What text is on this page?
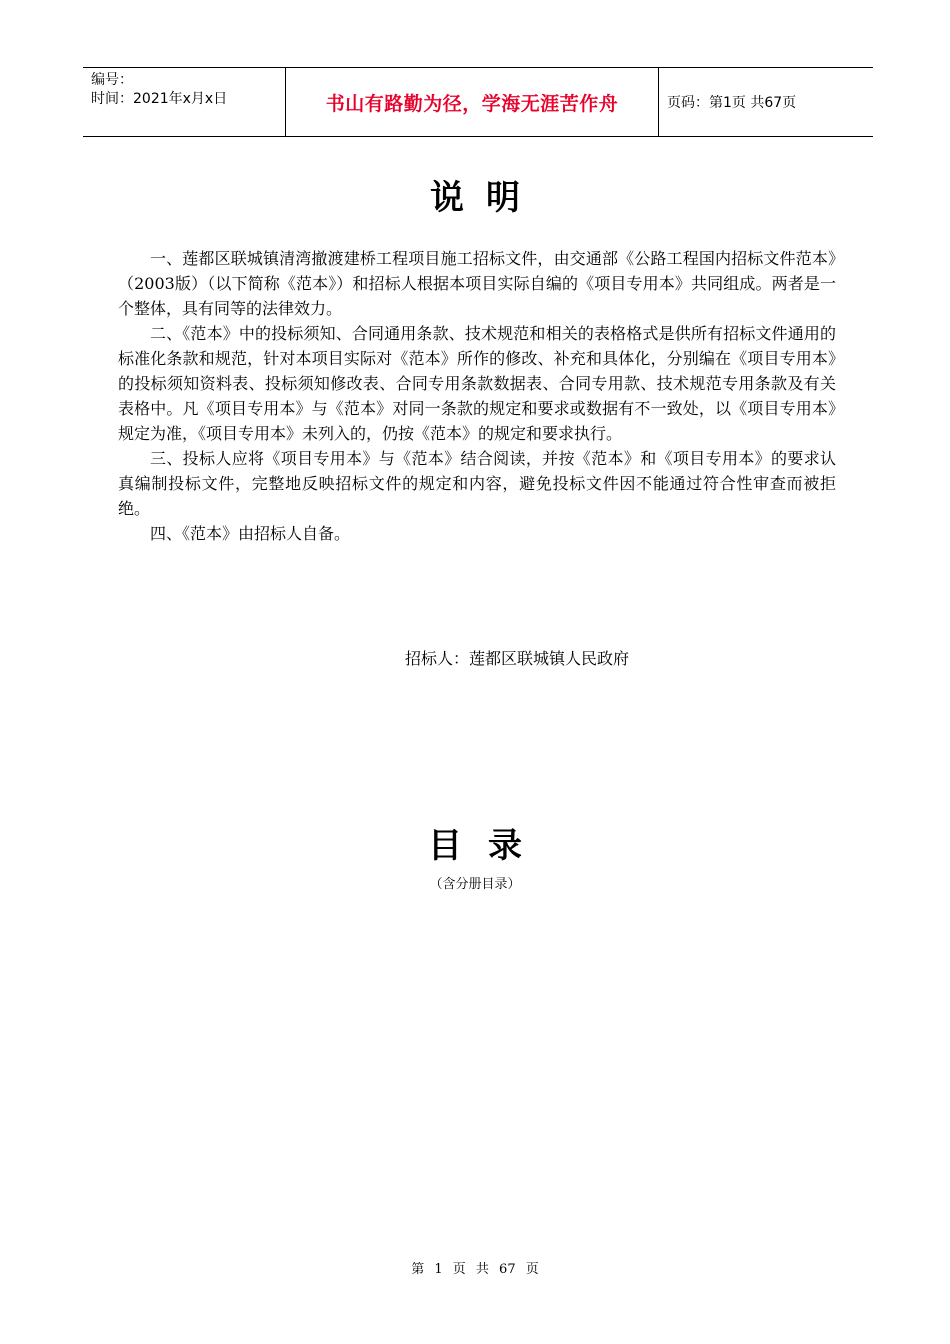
编号：
时间：2021年x月x日	书山有路勤为径，学海无涯苦作舟	页码：第1页 共67页
说明

一、莲都区联城镇清湾撤渡建桥工程项目施工招标文件，由交通部《公路工程国内招标文件范本》（2003版）（以下简称《范本》）和招标人根据本项目实际自编的《项目专用本》共同组成。两者是一个整体，具有同等的法律效力。

二、《范本》中的投标须知、合同通用条款、技术规范和相关的表格格式是供所有招标文件通用的标准化条款和规范，针对本项目实际对《范本》所作的修改、补充和具体化，分别编在《项目专用本》的投标须知资料表、投标须知修改表、合同专用条款数据表、合同专用款、技术规范专用条款及有关表格中。凡《项目专用本》与《范本》对同一条款的规定和要求或数据有不一致处，以《项目专用本》规定为准，《项目专用本》未列入的，仍按《范本》的规定和要求执行。

三、投标人应将《项目专用本》与《范本》结合阅读，并按《范本》和《项目专用本》的要求认真编制投标文件，完整地反映招标文件的规定和内容，避免投标文件因不能通过符合性审查而被拒绝。

四、《范本》由招标人自备。

招标人：莲都区联城镇人民政府
目录
（含分册目录）
第 1 页 共 67 页
